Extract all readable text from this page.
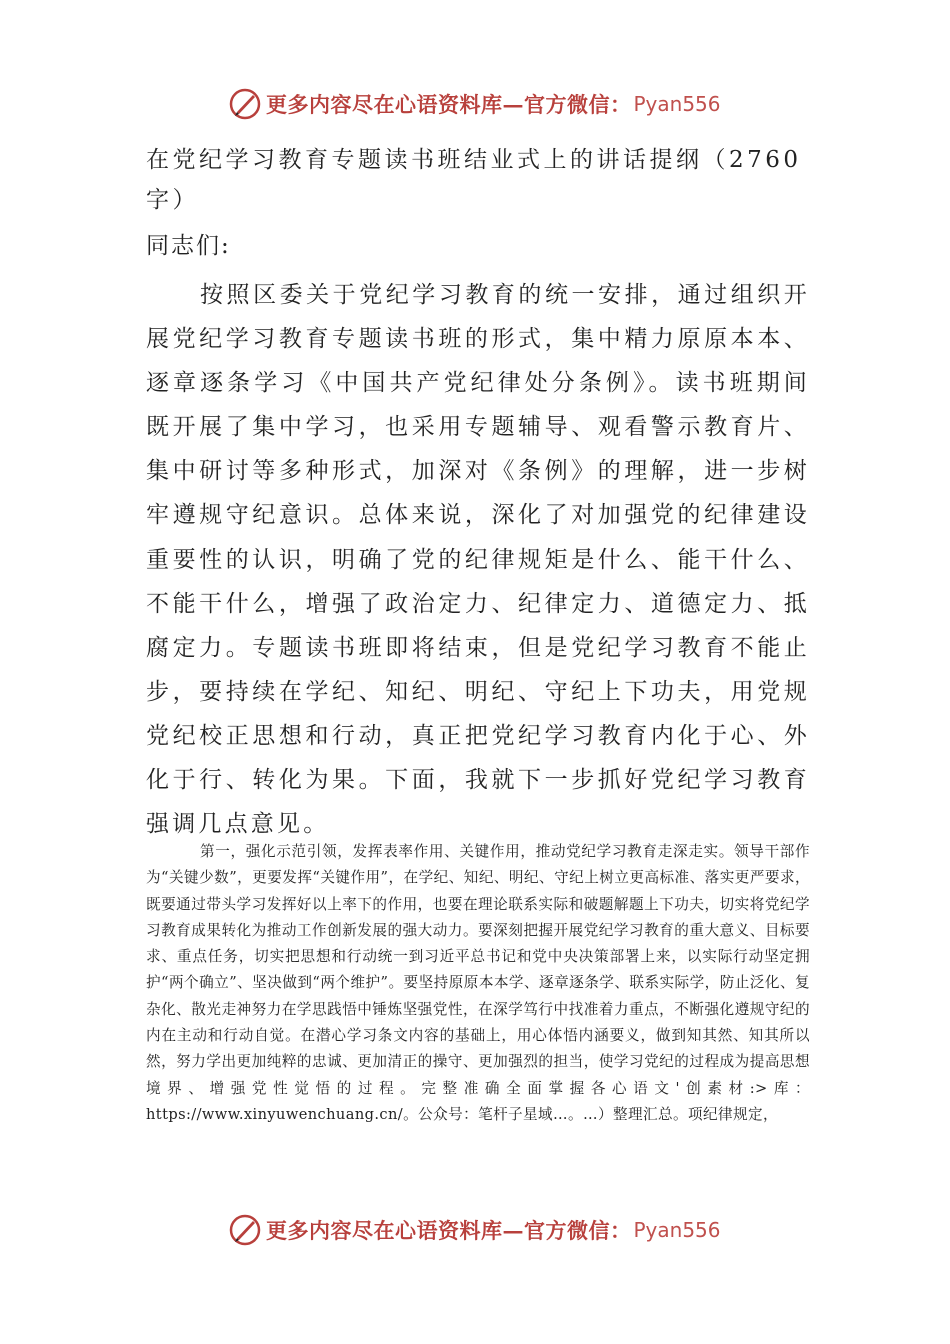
更多内容尽在心语资料库—官方微信： Pyan556
在党纪学习教育专题读书班结业式上的讲话提纲（2760字）
同志们:

按照区委关于党纪学习教育的统一安排，通过组织开展党纪学习教育专题读书班的形式，集中精力原原本本、逐章逐条学习《中国共产党纪律处分条例》。读书班期间既开展了集中学习，也采用专题辅导、观看警示教育片、集中研讨等多种形式，加深对《条例》的理解，进一步树牢遵规守纪意识。总体来说，深化了对加强党的纪律建设重要性的认识，明确了党的纪律规矩是什么、能干什么、不能干什么，增强了政治定力、纪律定力、道德定力、抵腐定力。专题读书班即将结束，但是党纪学习教育不能止步，要持续在学纪、知纪、明纪、守纪上下功夫，用党规党纪校正思想和行动，真正把党纪学习教育内化于心、外化于行、转化为果。下面，我就下一步抓好党纪学习教育强调几点意见。

第一，强化示范引领，发挥表率作用、关键作用，推动党纪学习教育走深走实。领导干部作为“关键少数”，更要发挥“关键作用”，在学纪、知纪、明纪、守纪上树立更高标准、落实更严要求，既要通过带头学习发挥好以上率下的作用，也要在理论联系实际和破题解题上下功夫，切实将党纪学习教育成果转化为推动工作创新发展的强大动力。要深刻把握开展党纪学习教育的重大意义、目标要求、重点任务，切实把思想和行动统一到习近平总书记和党中央决策部署上来，以实际行动坚定拥护“两个确立”、坚决做到“两个维护”。要坚持原原本本学、逐章逐条学、联系实际学，防止泛化、复杂化、散光走神努力在学思践悟中锤炼坚强党性，在深学笃行中找准着力重点，不断强化遵规守纪的内在主动和行动自觉。在潜心学习条文内容的基础上，用心体悟内涵要义，做到知其然、知其所以然，努力学出更加纯粹的忠诚、更加清正的操守、更加强烈的担当，使学习党纪的过程成为提高思想境界、增强党性觉悟的过程。完整准确全面掌握各心语文'创素材:>库：https://www.xinyuwenchuang.cn/。公众号：笔杆子星域…。…）整理汇总。项纪律规定，

更多内容尽在心语资料库—官方微信： Pyan556
